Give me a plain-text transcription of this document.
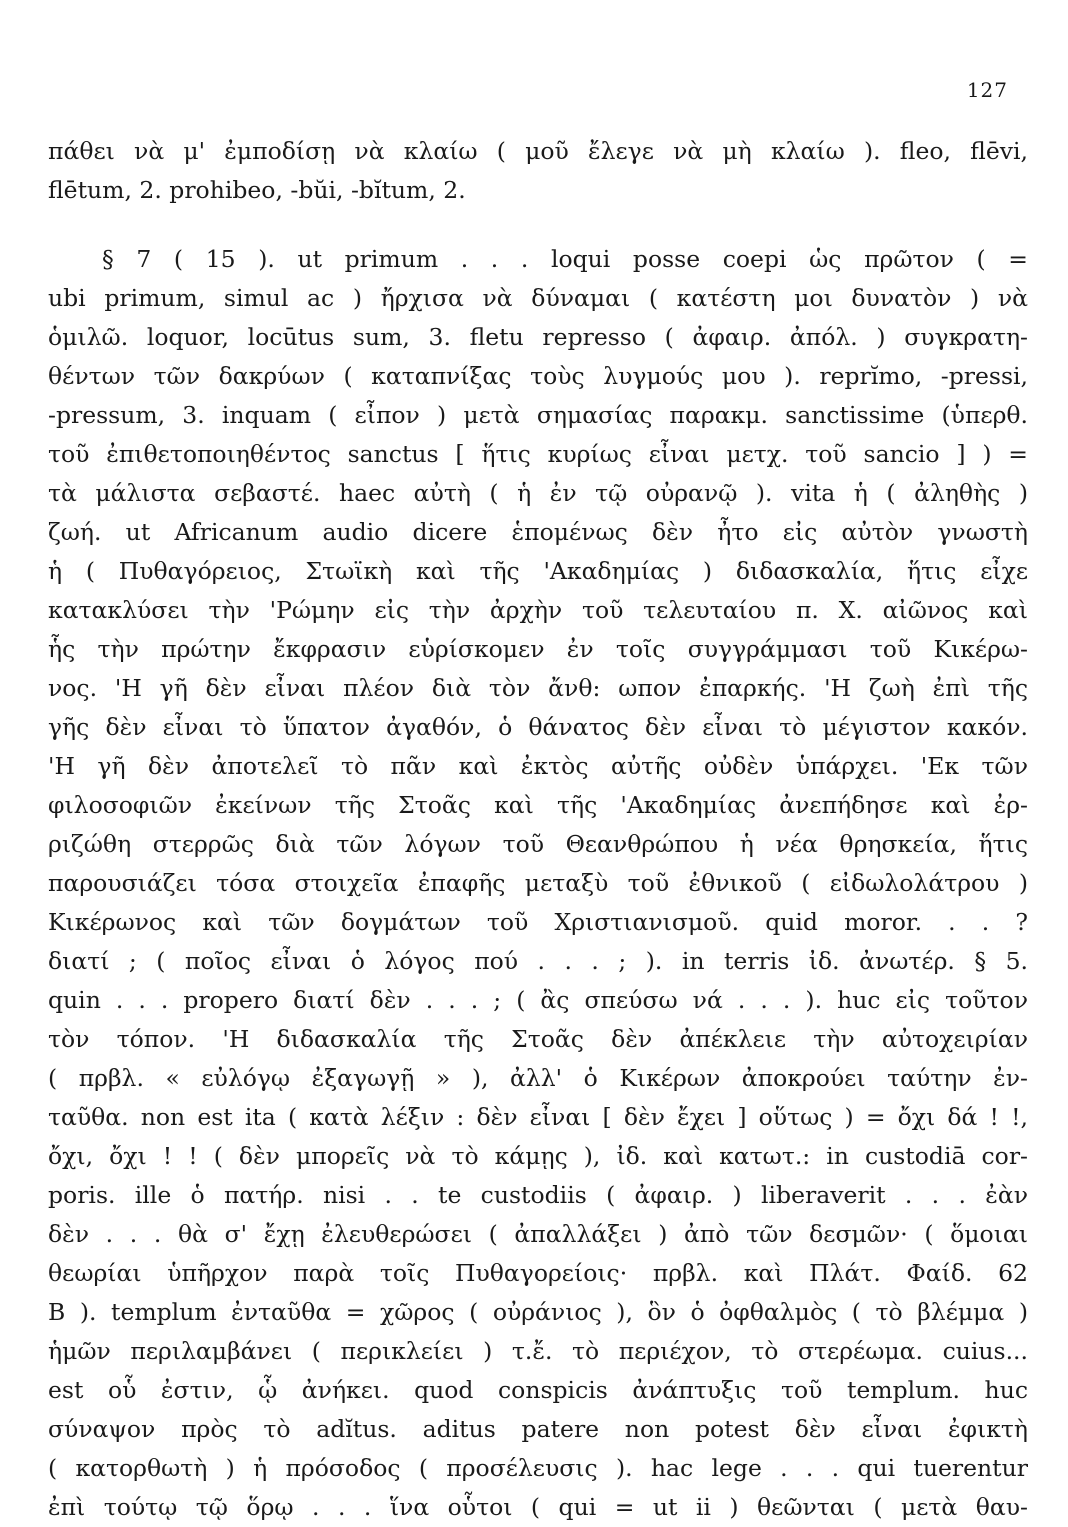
127
πάθει νὰ μ' ἐμποδίσῃ νὰ κλαίω ( μοῦ ἔλεγε νὰ μὴ κλαίω ). fleo, flēvi,
flētum, 2. prohibeo, -bŭi, -bĭtum, 2.
§ 7 ( 15 ). ut primum . . . loqui posse coepi ὡς πρῶτον ( =
ubi primum, simul ac ) ἤρχισα νὰ δύναμαι ( κατέστη μοι δυνατὸν ) νὰ
ὁμιλῶ. loquor, locūtus sum, 3. fletu represso ( ἀφαιρ. ἀπόλ. ) συγκρατη-
θέντων τῶν δακρύων ( καταπνίξας τοὺς λυγμούς μου ). reprĭmo, -pressi,
-pressum, 3. inquam ( εἶπον ) μετὰ σημασίας παρακμ. sanctissime (ὑπερθ.
τοῦ ἐπιθετοποιηθέντος sanctus [ ἥτις κυρίως εἶναι μετχ. τοῦ sancio ] ) =
τὰ μάλιστα σεβαστέ. haec αὐτὴ ( ἡ ἐν τῷ οὐρανῷ ). vita ἡ ( ἀληθὴς )
ζωή. ut Africanum audio dicere ἑπομένως δὲν ἦτο εἰς αὐτὸν γνωστὴ
ἡ ( Πυθαγόρειος, Στωϊκὴ καὶ τῆς 'Ακαδημίας ) διδασκαλία, ἥτις εἶχε
κατακλύσει τὴν 'Ρώμην εἰς τὴν ἀρχὴν τοῦ τελευταίου π. Χ. αἰῶνος καὶ
ἧς τὴν πρώτην ἔκφρασιν εὑρίσκομεν ἐν τοῖς συγγράμμασι τοῦ Κικέρω-
νος. 'Η γῆ δὲν εἶναι πλέον διὰ τὸν ἄνθ: ωπον ἐπαρκής. 'Η ζωὴ ἐπὶ τῆς
γῆς δὲν εἶναι τὸ ὕπατον ἀγαθόν, ὁ θάνατος δὲν εἶναι τὸ μέγιστον κακόν.
'Η γῆ δὲν ἀποτελεῖ τὸ πᾶν καὶ ἐκτὸς αὐτῆς οὐδὲν ὑπάρχει. 'Εκ τῶν
φιλοσοφιῶν ἐκείνων τῆς Στοᾶς καὶ τῆς 'Ακαδημίας ἀνεπήδησε καὶ ἐρ-
ριζώθη στερρῶς διὰ τῶν λόγων τοῦ Θεανθρώπου ἡ νέα θρησκεία, ἥτις
παρουσιάζει τόσα στοιχεῖα ἐπαφῆς μεταξὺ τοῦ ἐθνικοῦ ( εἰδωλολάτρου )
Κικέρωνος καὶ τῶν δογμάτων τοῦ Χριστιανισμοῦ. quid moror. . . ?
διατί ; ( ποῖος εἶναι ὁ λόγος πού . . . ; ). in terris ἰδ. ἀνωτέρ. § 5.
quin . . . propero διατί δὲν . . . ; ( ἂς σπεύσω νά . . . ). huc εἰς τοῦτον
τὸν τόπον. 'Η διδασκαλία τῆς Στοᾶς δὲν ἀπέκλειε τὴν αὐτοχειρίαν
( πρβλ. « εὐλόγῳ ἐξαγωγῇ » ), ἀλλ' ὁ Κικέρων ἀποκρούει ταύτην ἐν-
ταῦθα. non est ita ( κατὰ λέξιν : δὲν εἶναι [ δὲν ἔχει ] οὕτως ) = ὄχι δά ! !,
ὄχι, ὄχι ! ! ( δὲν μπορεῖς νὰ τὸ κάμῃς ), ἰδ. καὶ κατωτ.: in custodiā cor-
poris. ille ὁ πατήρ. nisi . . te custodiis ( ἀφαιρ. ) liberaverit . . . ἐὰν
δὲν . . . θὰ σ' ἔχῃ ἐλευθερώσει ( ἀπαλλάξει ) ἀπὸ τῶν δεσμῶν· ( ὅμοιαι
θεωρίαι ὑπῆρχον παρὰ τοῖς Πυθαγορείοις· πρβλ. καὶ Πλάτ. Φαίδ. 62
Β ). templum ἐνταῦθα = χῶρος ( οὐράνιος ), ὃν ὁ ὀφθαλμὸς ( τὸ βλέμμα )
ἡμῶν περιλαμβάνει ( περικλείει ) τ.ἔ. τὸ περιέχον, τὸ στερέωμα. cuius...
est οὗ ἐστιν, ᾧ ἀνήκει. quod conspicis ἀνάπτυξις τοῦ templum. huc
σύναψον πρὸς τὸ adĭtus. aditus patere non potest δὲν εἶναι ἐφικτὴ
( κατορθωτὴ ) ἡ πρόσοδος ( προσέλευσις ). hac lege . . . qui tuerentur
ἐπὶ τούτῳ τῷ ὅρῳ . . . ἵνα οὗτοι ( qui = ut ii ) θεῶνται ( μετὰ θαυ-
